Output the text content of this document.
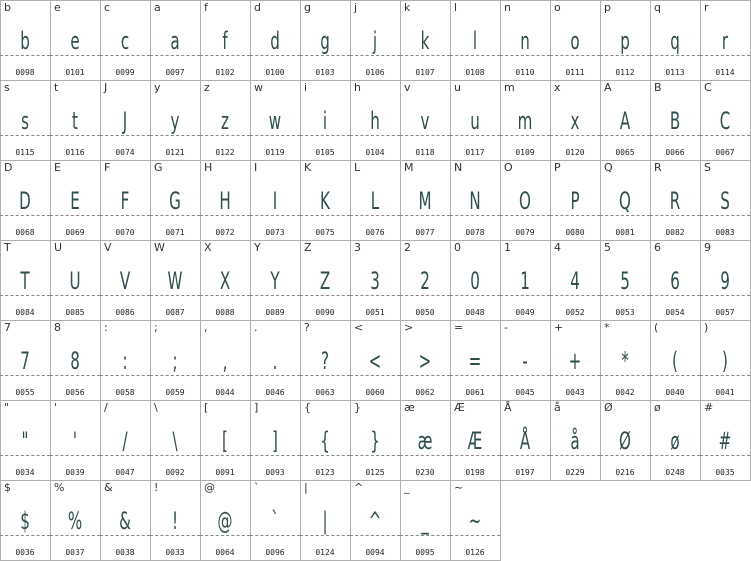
b
b
0098
e
e
0101
c
c
0099
a
a
0097
f
f
0102
d
d
0100
g
g
0103
j
j
0106
k
k
0107
l
l
0108
n
n
0110
o
o
0111
p
p
0112
q
q
0113
r
r
0114
s
s
0115
t
t
0116
J
J
0074
y
y
0121
z
z
0122
w
w
0119
i
i
0105
h
h
0104
v
v
0118
u
u
0117
m
m
0109
x
x
0120
A
A
0065
B
B
0066
C
C
0067
D
D
0068
E
E
0069
F
F
0070
G
G
0071
H
H
0072
I
I
0073
K
K
0075
L
L
0076
M
M
0077
N
N
0078
O
O
0079
P
P
0080
Q
Q
0081
R
R
0082
S
S
0083
T
T
0084
U
U
0085
V
V
0086
W
W
0087
X
X
0088
Y
Y
0089
Z
Z
0090
3
3
0051
2
2
0050
0
0
0048
1
1
0049
4
4
0052
5
5
0053
6
6
0054
9
9
0057
7
7
0055
8
8
0056
:
:
0058
;
;
0059
,
,
0044
.
.
0046
?
?
0063
<
<
0060
>
>
0062
=
=
0061
-
-
0045
+
+
0043
*
*
0042
(
(
0040
)
)
0041
"
"
0034
'
'
0039
/
/
0047
\
\
0092
[
[
0091
]
]
0093
{
{
0123
}
}
0125
æ
æ
0230
Æ
Æ
0198
Å
Å
0197
å
å
0229
Ø
Ø
0216
ø
ø
0248
#
#
0035
$
$
0036
%
%
0037
&
&
0038
!
!
0033
@
@
0064
`
`
0096
|
|
0124
^
^
0094
_
_
0095
~
~
0126
